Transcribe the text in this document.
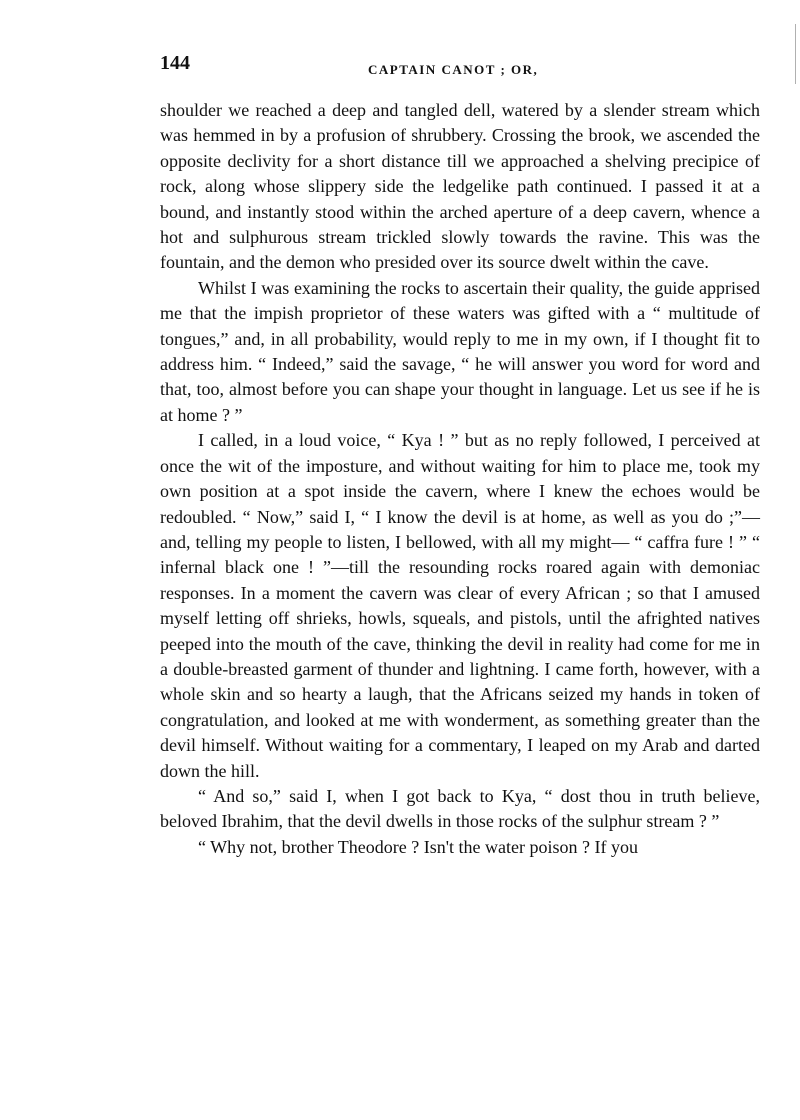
144	CAPTAIN CANOT ; OR,

shoulder we reached a deep and tangled dell, watered by a slender stream which was hemmed in by a profusion of shrubbery. Crossing the brook, we ascended the opposite declivity for a short distance till we approached a shelving precipice of rock, along whose slippery side the ledgelike path continued. I passed it at a bound, and instantly stood within the arched aperture of a deep cavern, whence a hot and sulphurous stream trickled slowly towards the ravine. This was the fountain, and the demon who presided over its source dwelt within the cave.

Whilst I was examining the rocks to ascertain their quality, the guide apprised me that the impish proprietor of these waters was gifted with a “ multitude of tongues,” and, in all probability, would reply to me in my own, if I thought fit to address him. “ Indeed,” said the savage, “ he will answer you word for word and that, too, almost before you can shape your thought in language. Let us see if he is at home ? ”

I called, in a loud voice, “ Kya ! ” but as no reply followed, I perceived at once the wit of the imposture, and without waiting for him to place me, took my own position at a spot inside the cavern, where I knew the echoes would be redoubled. “ Now,” said I, “ I know the devil is at home, as well as you do ;”—and, telling my people to listen, I bellowed, with all my might— “ caffra fure ! ” “ infernal black one ! ”—till the resounding rocks roared again with demoniac responses. In a moment the cavern was clear of every African ; so that I amused myself letting off shrieks, howls, squeals, and pistols, until the afrighted natives peeped into the mouth of the cave, thinking the devil in reality had come for me in a double-breasted garment of thunder and lightning. I came forth, however, with a whole skin and so hearty a laugh, that the Africans seized my hands in token of congratulation, and looked at me with wonderment, as something greater than the devil himself. Without waiting for a commentary, I leaped on my Arab and darted down the hill.

“ And so,” said I, when I got back to Kya, “ dost thou in truth believe, beloved Ibrahim, that the devil dwells in those rocks of the sulphur stream ? ”

“ Why not, brother Theodore ? Isn't the water poison ? If you
